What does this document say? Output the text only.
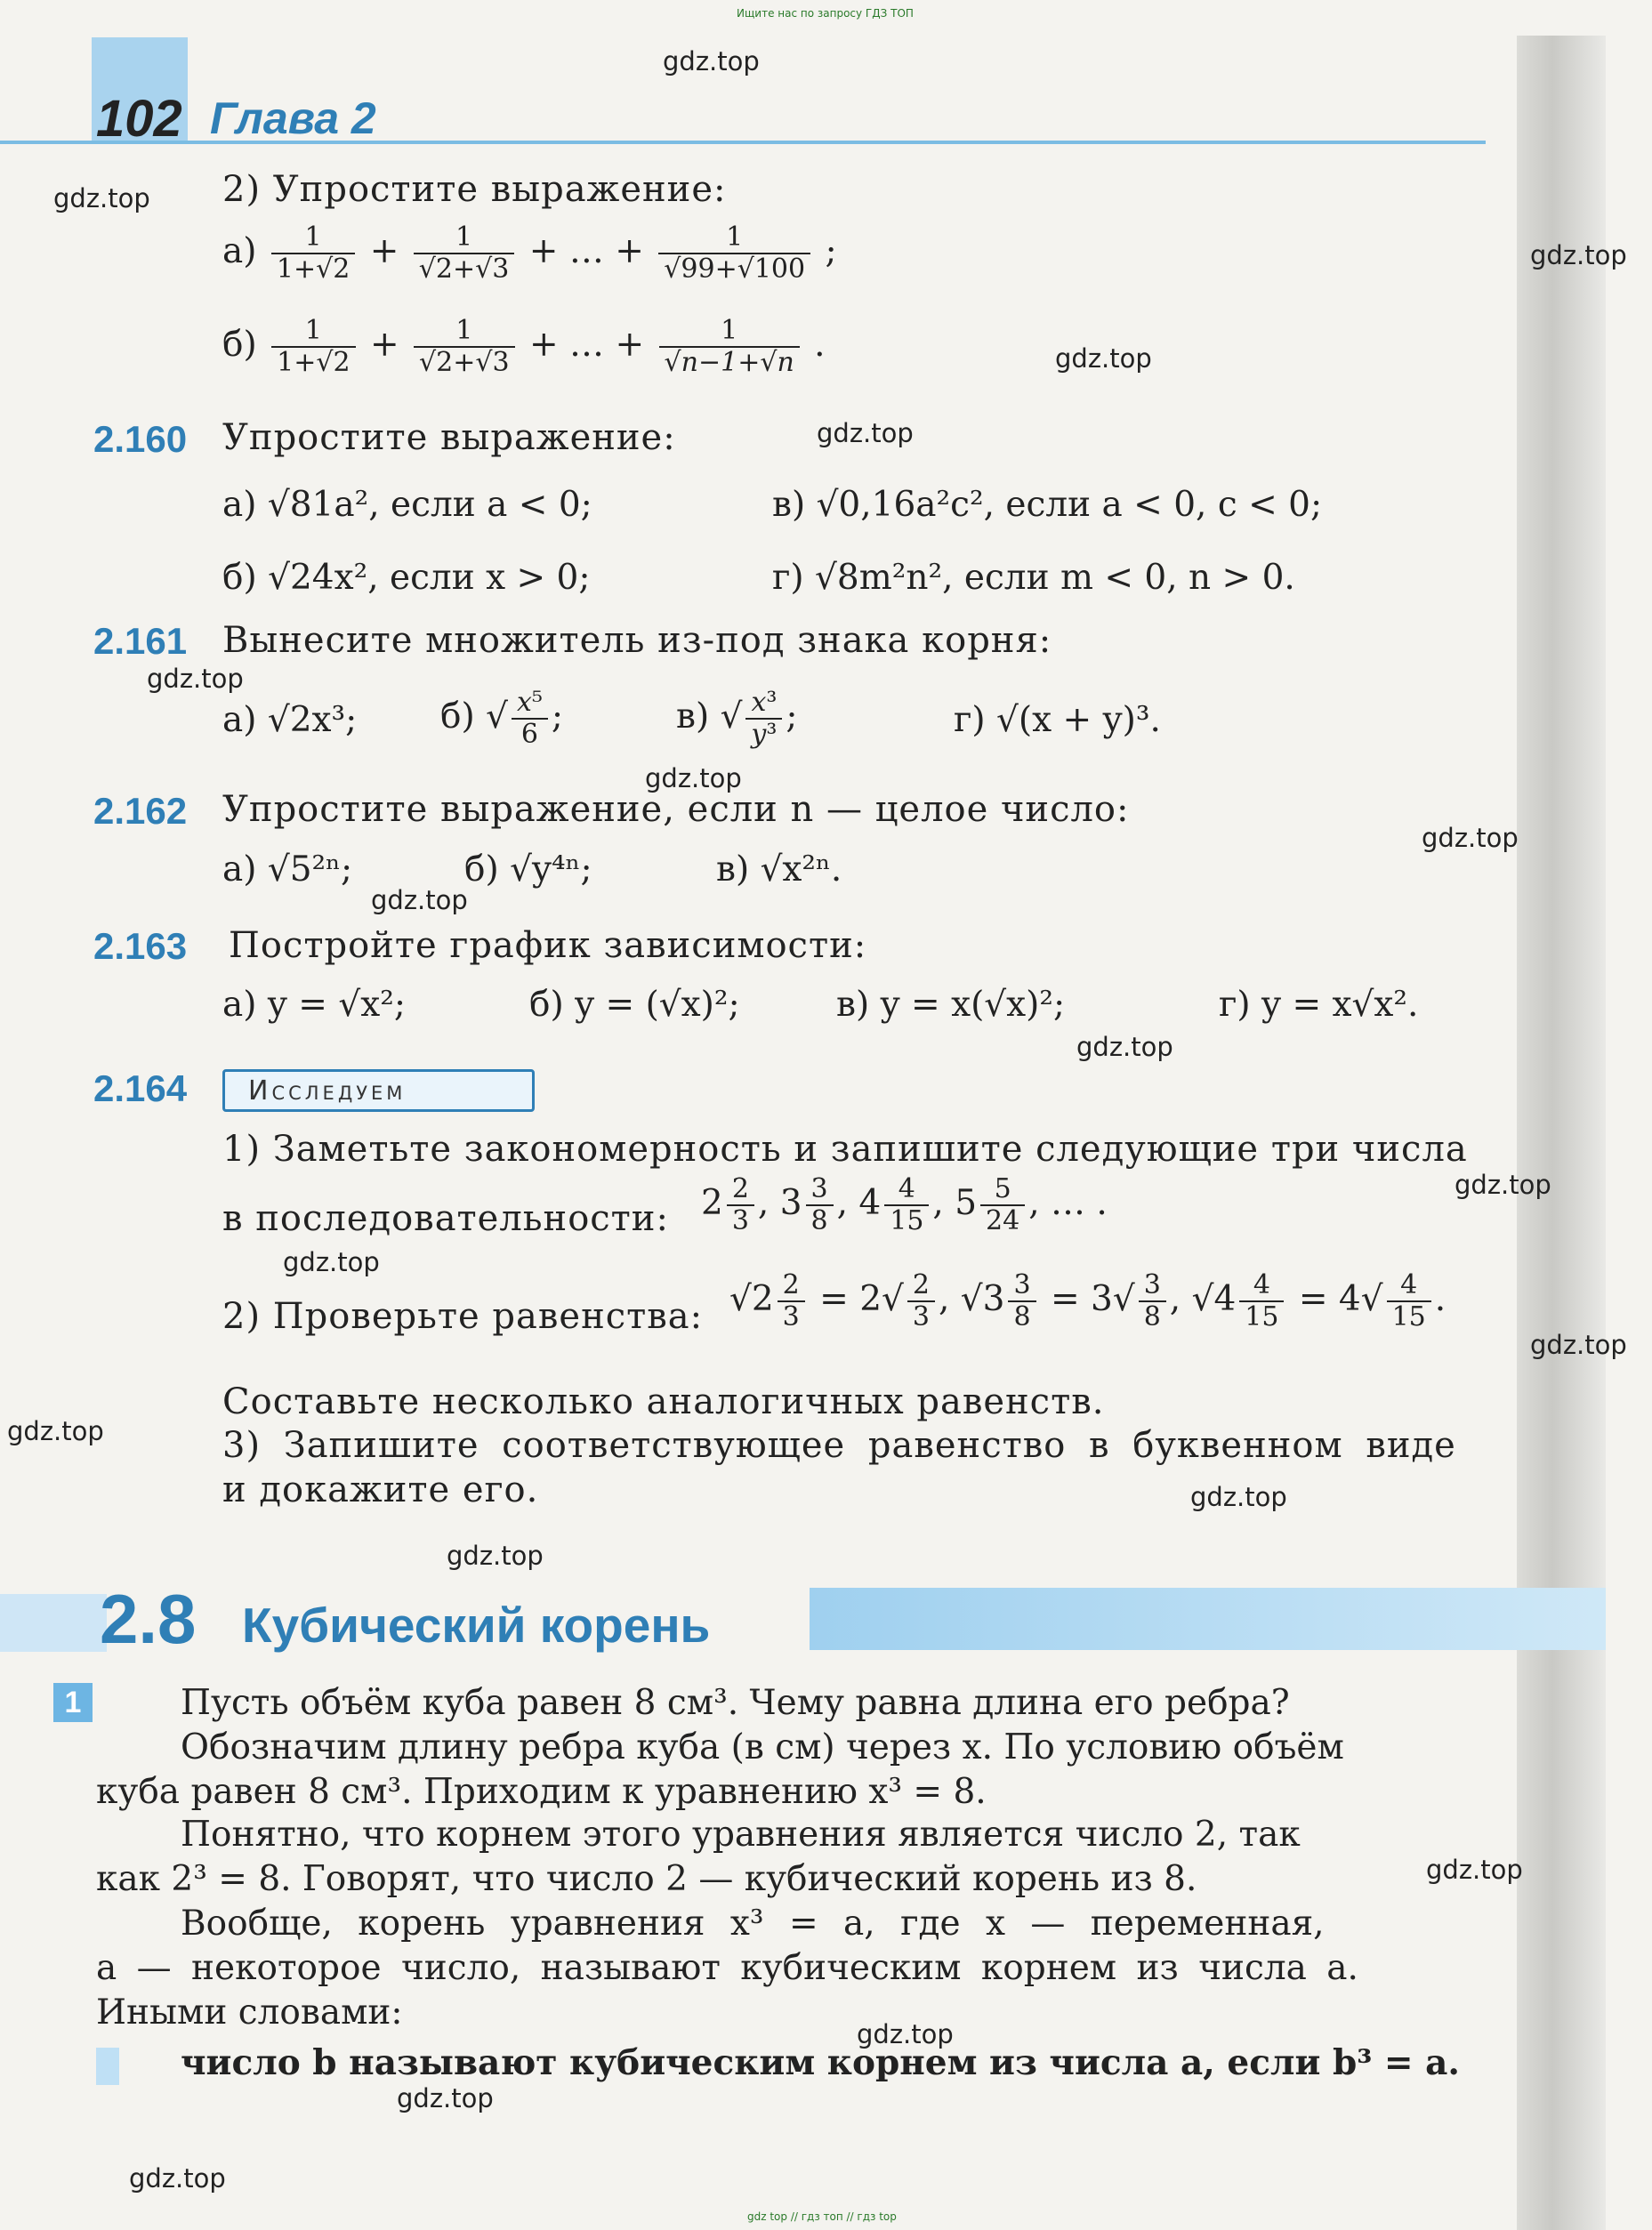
Ищите нас по запросу ГДЗ ТОП
gdz top // гдз топ // гдз top
gdz.top
gdz.top
gdz.top
gdz.top
gdz.top
gdz.top
gdz.top
gdz.top
gdz.top
gdz.top
gdz.top
gdz.top
gdz.top
gdz.top
gdz.top
gdz.top
gdz.top
gdz.top
gdz.top
gdz.top
102 Глава 2
2) Упростите выражение:
$а) \frac{1}{1+√2} + \frac{1}{√2+√3}$ + … + $\frac{1}{√99+√100}$ ;
$б) \frac{1}{1+√2} + \frac{1}{√2+√3}$ + … + $\frac{1}{√n-1+√n}$ .
2.160 Упростите выражение:
а) √81a², если a < 0;	в) √0,16a²c², если a < 0, c < 0;
б) √24x², если x > 0;	г) √8m²n², если m < 0, n > 0.
2.161 Вынесите множитель из-под знака корня:
а) √2x³; б) √ $\frac{\text{x⁵}}{6}$ ;	в) √ $\frac{\text{x³}}{\text{y³}}$ ;	г) √(x + y)³.
2.162 Упростите выражение, если n — целое число:
а) √5²ⁿ;	б) √y⁴ⁿ;	в) √x²ⁿ.
2.163 Постройте график зависимости:
а) y = √x²;	б) y = (√x)²;	в) y = x(√x)²;	г) y = x√x².
2.164 Исследуем
1) Заметьте закономерность и запишите следующие три числа
в последовательности: $2 \frac{2}{3}$ , $3 \frac{3}{8}$ , $4 \frac{4}{15}$ , $5 \frac{5}{24}$ , … .
2) Проверьте равенства: $√2 \frac{2}{3} = 2√ \frac{2}{3}$ , $√3 \frac{3}{8} = 3√ \frac{3}{8}$ , $√4 \frac{4}{15} = 4√ \frac{4}{15}$ .
Составьте несколько аналогичных равенств.
3) Запишите соответствующее равенство в буквенном виде
и докажите его.
2.8 Кубический корень
1	Пусть объём куба равен 8 см³. Чему равна длина его ребра?
Обозначим длину ребра куба (в см) через x. По условию объём
куба равен 8 см³. Приходим к уравнению x³ = 8.
Понятно, что корнем этого уравнения является число 2, так
как 2³ = 8. Говорят, что число 2 — кубический корень из 8.
Вообще, корень уравнения x³ = a, где x — переменная,
a — некоторое число, называют кубическим корнем из числа a.
Иными словами:
число b называют кубическим корнем из числа a, если b³ = a.
